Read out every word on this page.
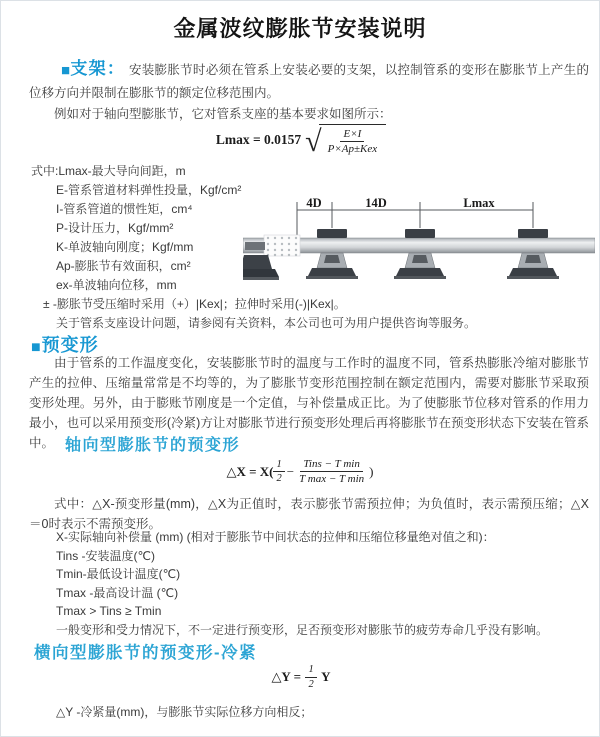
金属波纹膨胀节安装说明
■支架： 安装膨胀节时必须在管系上安装必要的支架，以控制管系的变形在膨胀节上产生的位移方向并限制在膨胀节的额定位移范围内。
例如对于轴向型膨胀节，它对管系支座的基本要求如图所示：
Lmax = 0.0157 √ $\frac{E\times I}{\text{P×Ap±Kex}}$
式中:Lmax-最大导向间距，m
E-管系管道材料弹性投量，Kgf/cm²
I-管系管道的惯性矩，cm⁴
P-设计压力，Kgf/mm²
K-单波轴向刚度；Kgf/mm
Ap-膨胀节有效面积，cm²
ex-单波轴向位移，mm
± -膨胀节受压缩时采用（+）|Kex|；拉伸时采用(-)|Kex|。
关于管系支座设计问题，请参阅有关资料，本公司也可为用户提供咨询等服务。
4D	14D	Lmax
■预变形
由于管系的工作温度变化，安装膨胀节时的温度与工作时的温度不同，管系热膨胀冷缩对膨胀节产生的拉伸、压缩量常常是不均等的，为了膨胀节变形范围控制在额定范围内，需要对膨胀节采取预变形处理。另外，由于膨账节刚度是一个定值，与补偿量成正比。为了使膨胀节位移对管系的作用力最小，也可以采用预变形(冷紧)方让对膨胀节进行预变形处理后再将膨胀节在预变形状态下安装在管系中。 轴向型膨胀节的预变形
△X = $X( \frac{1}{2} - \frac{\text{Tins − T min}}{\text{T max − T min}}$ )
式中：△X-预变形量(mm)，△X为正值时，表示膨张节需预拉伸；为负值时，表示需预压缩；△X＝0时表示不需预变形。
X-实际轴向补偿量 (mm) (相对于膨胀节中间状态的拉伸和压缩位移量绝对值之和)：
Tins -安装温度(℃)
Tmin-最低设计温度(℃)
Tmax -最高设计温 (℃)
Tmax > Tins ≥ Tmin
一般变形和受力情况下，不一定进行预变形，足否预变形对膨胀节的疲劳寿命几乎没有影响。
横向型膨胀节的预变形-冷紧
△Y = $\frac{1}{2}$ Y
△Y -冷紧量(mm)，与膨胀节实际位移方向相反；
